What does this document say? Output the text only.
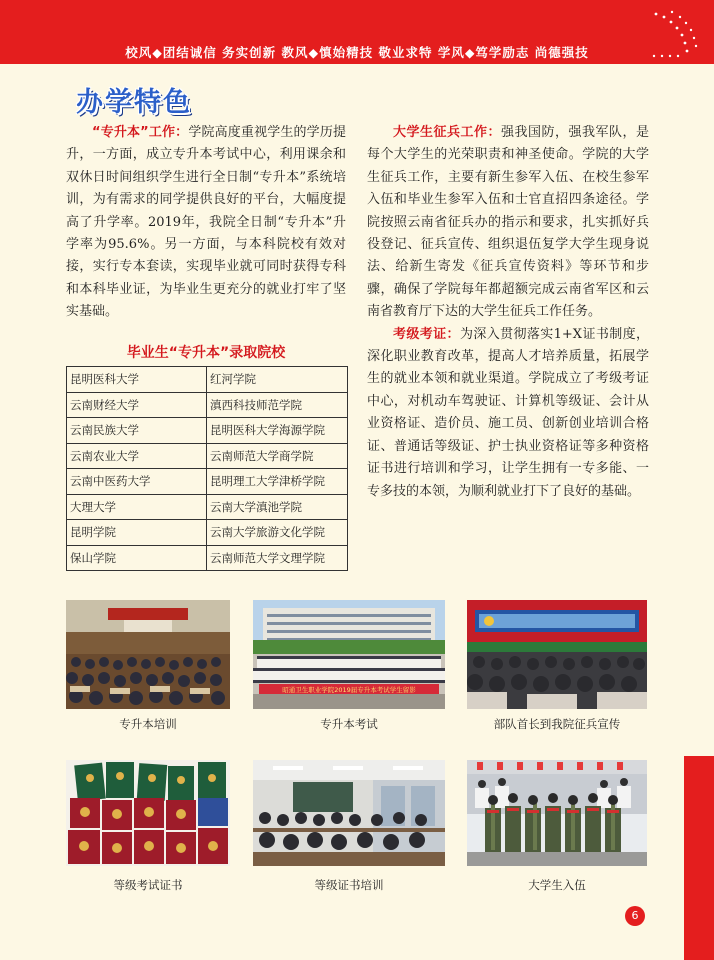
校风◆团结诚信 务实创新 教风◆慎始精技 敬业求特 学风◆笃学励志 尚德强技
办学特色

“专升本”工作：学院高度重视学生的学历提升，一方面，成立专升本考试中心，利用课余和双休日时间组织学生进行全日制“专升本”系统培训，为有需求的同学提供良好的平台，大幅度提高了升学率。2019年，我院全日制“专升本”升学率为95.6%。另一方面，与本科院校有效对接，实行专本套读，实现毕业就可同时获得专科和本科毕业证，为毕业生更充分的就业打牢了坚实基础。

毕业生“专升本”录取院校
昆明医科大学	红河学院
云南财经大学	滇西科技师范学院
云南民族大学	昆明医科大学海源学院
云南农业大学	云南师范大学商学院
云南中医药大学	昆明理工大学津桥学院
大理大学	云南大学滇池学院
昆明学院	云南大学旅游文化学院
保山学院	云南师范大学文理学院

大学生征兵工作：强我国防，强我军队，是每个大学生的光荣职责和神圣使命。学院的大学生征兵工作，主要有新生参军入伍、在校生参军入伍和毕业生参军入伍和士官直招四条途径。学院按照云南省征兵办的指示和要求，扎实抓好兵役登记、征兵宣传、组织退伍复学大学生现身说法、给新生寄发《征兵宣传资料》等环节和步骤，确保了学院每年都超额完成云南省军区和云南省教育厅下达的大学生征兵工作任务。

考级考证：为深入贯彻落实1+X证书制度，深化职业教育改革，提高人才培养质量，拓展学生的就业本领和就业渠道。学院成立了考级考证中心，对机动车驾驶证、计算机等级证、会计从业资格证、造价员、施工员、创新创业培训合格证、普通话等级证、护士执业资格证等多种资格证书进行培训和学习，让学生拥有一专多能、一专多技的本领，为顺利就业打下了良好的基础。

专升本培训
昭通卫生职业学院2019届专升本考试学生留影
专升本考试	部队首长到我院征兵宣传
等级考试证书	等级证书培训	大学生入伍
6
